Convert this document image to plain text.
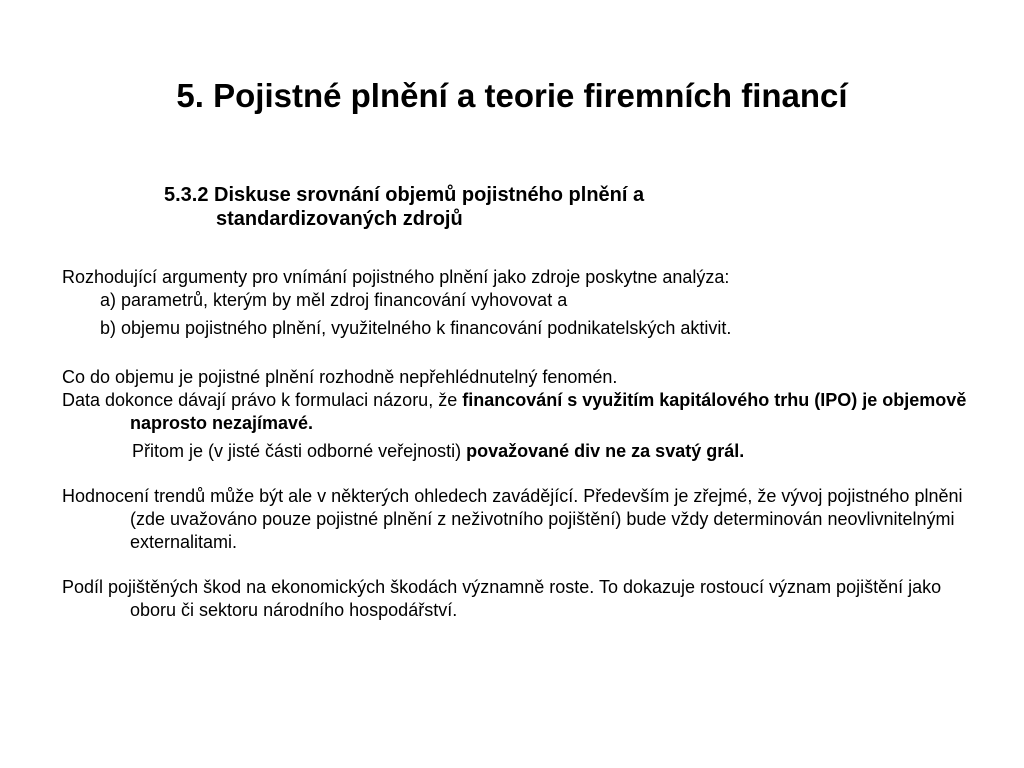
5. Pojistné plnění a teorie firemních financí
5.3.2 Diskuse srovnání objemů pojistného plnění a
standardizovaných zdrojů

Rozhodující argumenty pro vnímání pojistného plnění jako zdroje poskytne analýza:

a) parametrů, kterým by měl zdroj financování vyhovovat a
b) objemu pojistného plnění, využitelného k financování podnikatelských aktivit.

Co do objemu je pojistné plnění rozhodně nepřehlédnutelný fenomén.

Data dokonce dávají právo k formulaci názoru, že financování s využitím kapitálového trhu (IPO) je objemově naprosto nezajímavé.

Přitom je (v jisté části odborné veřejnosti) považované div ne za svatý grál.

Hodnocení trendů může být ale v některých ohledech zavádějící. Především je zřejmé, že vývoj pojistného plněni (zde uvažováno pouze pojistné plnění z neživotního pojištění) bude vždy determinován neovlivnitelnými externalitami.

Podíl pojištěných škod na ekonomických škodách významně roste. To dokazuje rostoucí význam pojištění jako oboru či sektoru národního hospodářství.
